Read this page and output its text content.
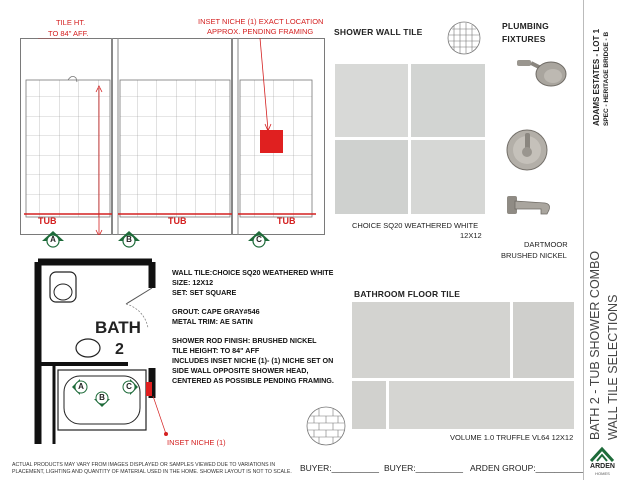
TILE HT.
TO 84" AFF.
INSET NICHE (1) EXACT LOCATION
APPROX. PENDING FRAMING
TUB	TUB	TUB
A	B	C
BATH
2
A
B
C
INSET NICHE (1)
WALL TILE:CHOICE SQ20 WEATHERED WHITE
SIZE: 12X12
SET: SET SQUARE
GROUT: CAPE GRAY#546
METAL TRIM: AE SATIN
SHOWER ROD FINISH: BRUSHED NICKEL
TILE HEIGHT: TO 84" AFF
INCLUDES INSET NICHE (1)- (1) NICHE SET ON
SIDE WALL OPPOSITE SHOWER HEAD,
CENTERED AS POSSIBLE PENDING FRAMING.
SHOWER WALL TILE
CHOICE SQ20 WEATHERED WHITE
12X12
PLUMBING
FIXTURES
DARTMOOR
BRUSHED NICKEL
BATHROOM FLOOR TILE
VOLUME 1.0 TRUFFLE VL64 12X12
ADAMS ESTATES - LOT 1 SPEC - HERITAGE BRIDGE - B
BATH 2 - TUB SHOWER COMBO WALL TILE SELECTIONS
ARDEN
HOMES
ACTUAL PRODUCTS MAY VARY FROM IMAGES DISPLAYED OR SAMPLES VIEWED DUE TO VARIATIONS IN
PLACEMENT, LIGHTING AND QUANTITY OF MATERIAL USED IN THE HOME. SHOWER LAYOUT IS NOT TO SCALE. BUYER:__________ BUYER:__________ ARDEN GROUP:__________
